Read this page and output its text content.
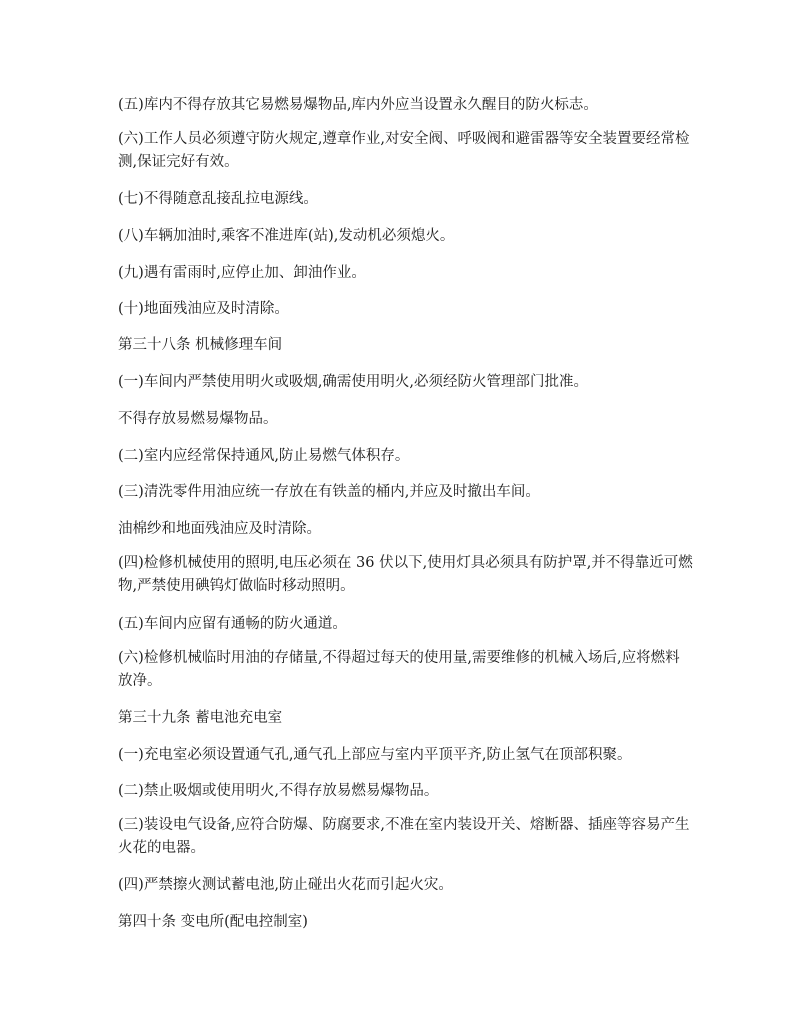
(五)库内不得存放其它易燃易爆物品,库内外应当设置永久醒目的防火标志。

(六)工作人员必须遵守防火规定,遵章作业,对安全阀、呼吸阀和避雷器等安全装置要经常检测,保证完好有效。

(七)不得随意乱接乱拉电源线。

(八)车辆加油时,乘客不准进库(站),发动机必须熄火。

(九)遇有雷雨时,应停止加、卸油作业。

(十)地面残油应及时清除。

第三十八条 机械修理车间

(一)车间内严禁使用明火或吸烟,确需使用明火,必须经防火管理部门批准。

不得存放易燃易爆物品。

(二)室内应经常保持通风,防止易燃气体积存。

(三)清洗零件用油应统一存放在有铁盖的桶内,并应及时撤出车间。

油棉纱和地面残油应及时清除。

(四)检修机械使用的照明,电压必须在 36 伏以下,使用灯具必须具有防护罩,并不得靠近可燃物,严禁使用碘钨灯做临时移动照明。

(五)车间内应留有通畅的防火通道。

(六)检修机械临时用油的存储量,不得超过每天的使用量,需要维修的机械入场后,应将燃料放净。

第三十九条 蓄电池充电室

(一)充电室必须设置通气孔,通气孔上部应与室内平顶平齐,防止氢气在顶部积聚。

(二)禁止吸烟或使用明火,不得存放易燃易爆物品。

(三)装设电气设备,应符合防爆、防腐要求,不准在室内装设开关、熔断器、插座等容易产生火花的电器。

(四)严禁擦火测试蓄电池,防止碰出火花而引起火灾。

第四十条 变电所(配电控制室)
